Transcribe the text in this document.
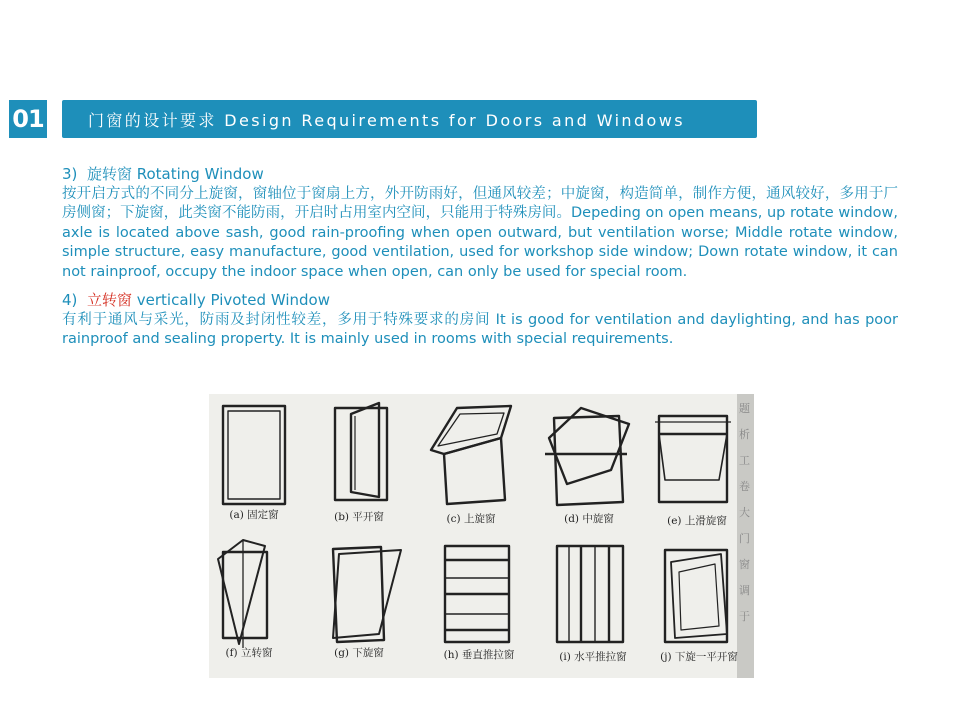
01	门窗的设计要求 Design Requirements for Doors and Windows

3) 旋转窗 Rotating Window

按开启方式的不同分上旋窗，窗轴位于窗扇上方，外开防雨好，但通风较差；中旋窗，构造简单，制作方便，通风较好，多用于厂房侧窗；下旋窗，此类窗不能防雨，开启时占用室内空间，只能用于特殊房间。Depeding on open means, up rotate window, axle is located above sash, good rain-proofing when open outward, but ventilation worse; Middle rotate window, simple structure, easy manufacture, good ventilation, used for workshop side window; Down rotate window, it can not rainproof, occupy the indoor space when open, can only be used for special room.

4) 立转窗 vertically Pivoted Window

有利于通风与采光，防雨及封闭性较差，多用于特殊要求的房间 It is good for ventilation and daylighting, and has poor rainproof and sealing property. It is mainly used in rooms with special requirements.

题
析
工
卷
大
门
窗
调
于
(a) 固定窗	(b) 平开窗	(c) 上旋窗	(d) 中旋窗	(e) 上滑旋窗
(f) 立转窗	(g) 下旋窗	(h) 垂直推拉窗	(i) 水平推拉窗	(j) 下旋一平开窗
